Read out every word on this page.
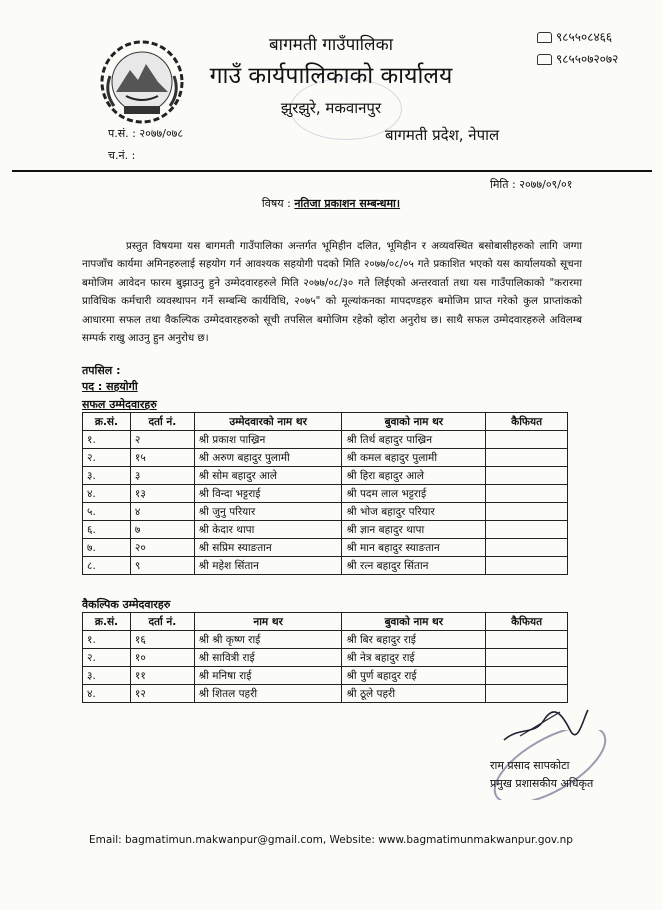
बागमती गाउँपालिका
गाउँ कार्यपालिकाको कार्यालय
झुरझुरे, मकवानपुर
बागमती प्रदेश, नेपाल
९८५५०८४६६
९८५५०७२०७२
प.सं. : २०७७/०७८
च.नं. :
मिति : २०७७/०९/०१
विषय : नतिजा प्रकाशन सम्बन्धमा।
प्रस्तुत विषयमा यस बागमती गाउँपालिका अन्तर्गत भूमिहीन दलित, भूमिहीन र अव्यवस्थित बसोबासीहरुको लागि जग्गा नापजाँच कार्यमा अमिनहरुलाई सहयोग गर्न आवश्यक सहयोगी पदको मिति २०७७/०८/०५ गते प्रकाशित भएको यस कार्यालयको सूचना बमोजिम आवेदन फारम बुझाउनु हुने उम्मेदवारहरुले मिति २०७७/०८/३० गते लिईएको अन्तरवार्ता तथा यस गाउँपालिकाको "करारमा प्राविधिक कर्मचारी व्यवस्थापन गर्ने सम्बन्धि कार्यविधि, २०७५" को मूल्यांकनका मापदण्डहरु बमोजिम प्राप्त गरेको कुल प्राप्तांकको आधारमा सफल तथा वैकल्पिक उम्मेदवारहरुको सूची तपसिल बमोजिम रहेको व्होरा अनुरोध छ। साथै सफल उम्मेदवारहरुले अविलम्ब सम्पर्क राखु आउनु हुन अनुरोध छ।
तपसिल :
पद : सहयोगी
सफल उम्मेदवारहरु
क्र.सं.	दर्ता नं.	उम्मेदवारको नाम थर	बुवाको नाम थर	कैफियत
१.	२	श्री प्रकाश पाख्रिन	श्री तिर्थ बहादुर पाख्रिन	
२.	१५	श्री अरुण बहादुर पुलामी	श्री कमल बहादुर पुलामी	
३.	३	श्री सोम बहादुर आले	श्री हिरा बहादुर आले	
४.	१३	श्री विन्दा भट्टराई	श्री पदम लाल भट्टराई	
५.	४	श्री जुनु परियार	श्री भोज बहादुर परियार	
६.	७	श्री केदार थापा	श्री ज्ञान बहादुर थापा	
७.	२०	श्री सप्रिम स्याङतान	श्री मान बहादुर स्याङतान	
८.	९	श्री महेश सिंतान	श्री रत्न बहादुर सिंतान	
वैकल्पिक उम्मेदवारहरु
क्र.सं.	दर्ता नं.	नाम थर	बुवाको नाम थर	कैफियत
१.	१६	श्री श्री कृष्ण राई	श्री बिर बहादुर राई	
२.	१०	श्री सावित्री राई	श्री नेत्र बहादुर राई	
३.	११	श्री मनिषा राई	श्री पुर्ण बहादुर राई	
४.	१२	श्री शितल पहरी	श्री ठूले पहरी	
राम प्रसाद सापकोटा
प्रमुख प्रशासकीय अधिकृत
Email: bagmatimun.makwanpur@gmail.com, Website: www.bagmatimunmakwanpur.gov.np
